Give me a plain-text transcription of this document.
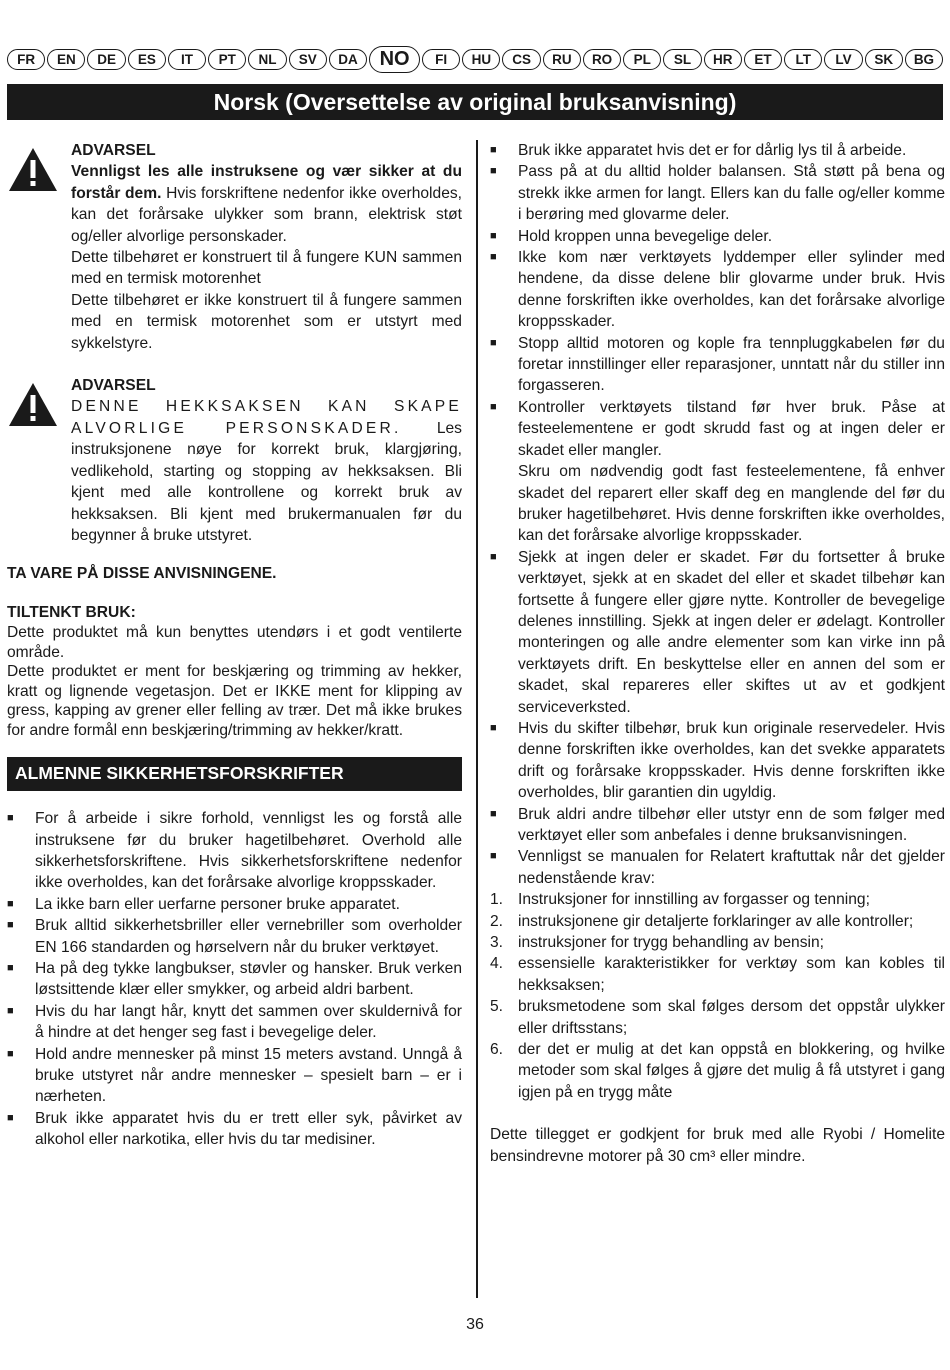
FR	EN	DE	ES	IT	PT	NL	SV	DA	NO	FI	HU	CS	RU	RO	PL	SL	HR	ET	LT	LV	SK	BG
Norsk (Oversettelse av original bruksanvisning)
ADVARSEL

Vennligst les alle instruksene og vær sikker at du forstår dem. Hvis forskriftene nedenfor ikke overholdes, kan det forårsake ulykker som brann, elektrisk støt og/eller alvorlige personskader.

Dette tilbehøret er konstruert til å fungere KUN sammen med en termisk motorenhet

Dette tilbehøret er ikke konstruert til å fungere sammen med en termisk motorenhet som er utstyrt med sykkelstyre.

ADVARSEL

DENNE HEKKSAKSEN KAN SKAPE ALVORLIGE PERSONSKADER. Les instruksjonene nøye for korrekt bruk, klargjøring, vedlikehold, starting og stopping av hekksaksen. Bli kjent med alle kontrollene og korrekt bruk av hekksaksen. Bli kjent med brukermanualen før du begynner å bruke utstyret.

TA VARE PÅ DISSE ANVISNINGENE.

TILTENKT BRUK:

Dette produktet må kun benyttes utendørs i et godt ventilerte område.

Dette produktet er ment for beskjæring og trimming av hekker, kratt og lignende vegetasjon. Det er IKKE ment for klipping av gress, kapping av grener eller felling av trær. Det må ikke brukes for andre formål enn beskjæring/trimming av hekker/kratt.

ALMENNE SIKKERHETSFORSKRIFTER
■ For å arbeide i sikre forhold, vennligst les og forstå alle instruksene før du bruker hagetilbehøret. Overhold alle sikkerhetsforskriftene. Hvis sikkerhetsforskriftene nedenfor ikke overholdes, kan det forårsake alvorlige kroppsskader.
■ La ikke barn eller uerfarne personer bruke apparatet.
■ Bruk alltid sikkerhetsbriller eller vernebriller som overholder EN 166 standarden og hørselvern når du bruker verktøyet.
■ Ha på deg tykke langbukser, støvler og hansker. Bruk verken løstsittende klær eller smykker, og arbeid aldri barbent.
■ Hvis du har langt hår, knytt det sammen over skuldernivå for å hindre at det henger seg fast i bevegelige deler.
■ Hold andre mennesker på minst 15 meters avstand. Unngå å bruke utstyret når andre mennesker – spesielt barn – er i nærheten.
■ Bruk ikke apparatet hvis du er trett eller syk, påvirket av alkohol eller narkotika, eller hvis du tar medisiner.
■ Bruk ikke apparatet hvis det er for dårlig lys til å arbeide.
■ Pass på at du alltid holder balansen. Stå støtt på bena og strekk ikke armen for langt. Ellers kan du falle og/eller komme i berøring med glovarme deler.
■ Hold kroppen unna bevegelige deler.
■ Ikke kom nær verktøyets lyddemper eller sylinder med hendene, da disse delene blir glovarme under bruk. Hvis denne forskriften ikke overholdes, kan det forårsake alvorlige kroppsskader.
■ Stopp alltid motoren og kople fra tennpluggkabelen før du foretar innstillinger eller reparasjoner, unntatt når du stiller inn forgasseren.
■ Kontroller verktøyets tilstand før hver bruk. Påse at festeelementene er godt skrudd fast og at ingen deler er skadet eller mangler.
Skru om nødvendig godt fast festeelementene, få enhver skadet del reparert eller skaff deg en manglende del før du bruker hagetilbehøret. Hvis denne forskriften ikke overholdes, kan det forårsake alvorlige kroppsskader.
■ Sjekk at ingen deler er skadet. Før du fortsetter å bruke verktøyet, sjekk at en skadet del eller et skadet tilbehør kan fortsette å fungere eller gjøre nytte. Kontroller de bevegelige delenes innstilling. Sjekk at ingen deler er ødelagt. Kontroller monteringen og alle andre elementer som kan virke inn på verktøyets drift. En beskyttelse eller en annen del som er skadet, skal repareres eller skiftes ut av et godkjent serviceverksted.
■ Hvis du skifter tilbehør, bruk kun originale reservedeler. Hvis denne forskriften ikke overholdes, kan det svekke apparatets drift og forårsake kroppsskader. Hvis denne forskriften ikke overholdes, blir garantien din ugyldig.
■ Bruk aldri andre tilbehør eller utstyr enn de som følger med verktøyet eller som anbefales i denne bruksanvisningen.
■ Vennligst se manualen for Relatert kraftuttak når det gjelder nedenstående krav:
1. Instruksjoner for innstilling av forgasser og tenning;
2. instruksjonene gir detaljerte forklaringer av alle kontroller;
3. instruksjoner for trygg behandling av bensin;
4. essensielle karakteristikker for verktøy som kan kobles til hekksaksen;
5. bruksmetodene som skal følges dersom det oppstår ulykker eller driftsstans;
6. der det er mulig at det kan oppstå en blokkering, og hvilke metoder som skal følges å gjøre det mulig å få utstyret i gang igjen på en trygg måte

Dette tillegget er godkjent for bruk med alle Ryobi / Homelite bensindrevne motorer på 30 cm³ eller mindre.

36
